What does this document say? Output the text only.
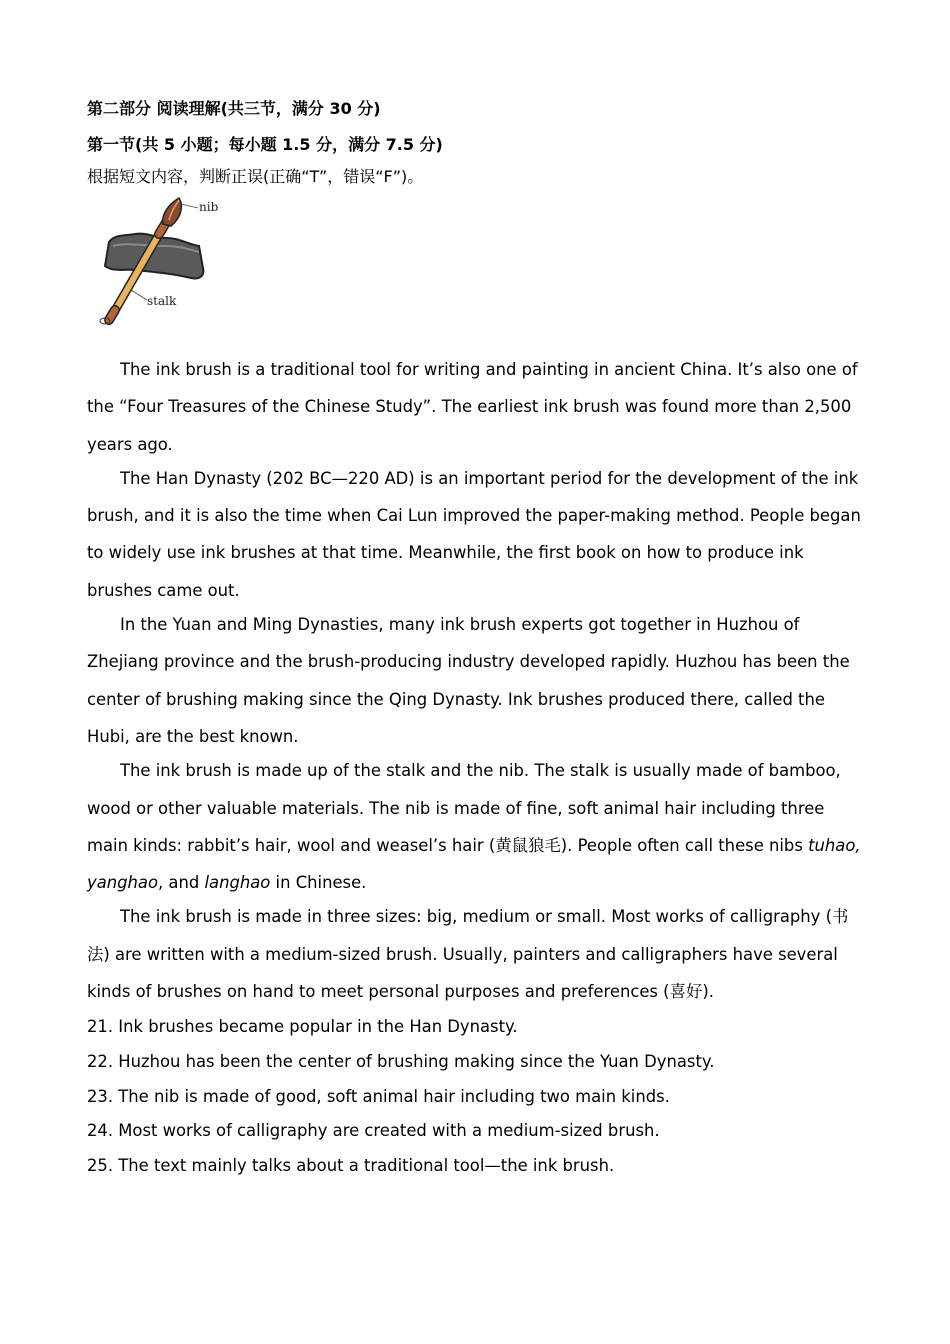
第二部分 阅读理解(共三节，满分 30 分)

第一节(共 5 小题；每小题 1.5 分，满分 7.5 分)

根据短文内容，判断正误(正确“T”，错误“F”)。

nib
stalk

The ink brush is a traditional tool for writing and painting in ancient China. It’s also one of the “Four Treasures of the Chinese Study”. The earliest ink brush was found more than 2,500 years ago.

The Han Dynasty (202 BC—220 AD) is an important period for the development of the ink brush, and it is also the time when Cai Lun improved the paper-making method. People began to widely use ink brushes at that time. Meanwhile, the first book on how to produce ink brushes came out.

In the Yuan and Ming Dynasties, many ink brush experts got together in Huzhou of Zhejiang province and the brush-producing industry developed rapidly. Huzhou has been the center of brushing making since the Qing Dynasty. Ink brushes produced there, called the Hubi, are the best known.

The ink brush is made up of the stalk and the nib. The stalk is usually made of bamboo, wood or other valuable materials. The nib is made of fine, soft animal hair including three main kinds: rabbit’s hair, wool and weasel’s hair (黄鼠狼毛). People often call these nibs tuhao, yanghao, and langhao in Chinese.

The ink brush is made in three sizes: big, medium or small. Most works of calligraphy (书法) are written with a medium-sized brush. Usually, painters and calligraphers have several kinds of brushes on hand to meet personal purposes and preferences (喜好).

21. Ink brushes became popular in the Han Dynasty.

22. Huzhou has been the center of brushing making since the Yuan Dynasty.

23. The nib is made of good, soft animal hair including two main kinds.

24. Most works of calligraphy are created with a medium-sized brush.

25. The text mainly talks about a traditional tool—the ink brush.
